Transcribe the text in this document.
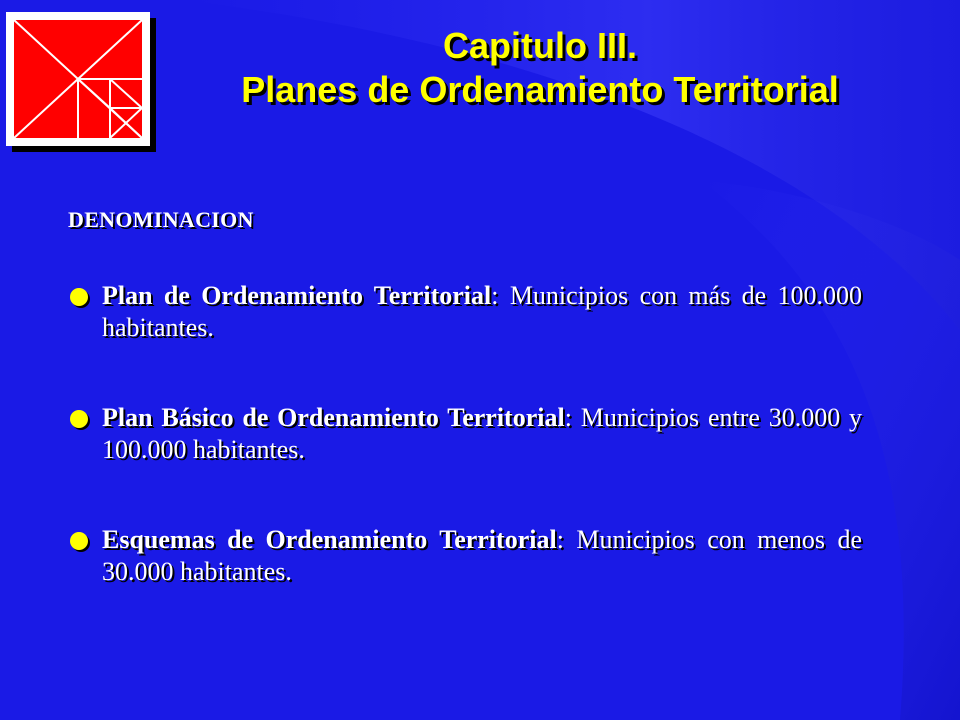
Capitulo III.
Planes de Ordenamiento Territorial
DENOMINACION
Plan de Ordenamiento Territorial: Municipios con más de 100.000 habitantes.
Plan Básico de Ordenamiento Territorial: Municipios entre 30.000 y 100.000 habitantes.
Esquemas de Ordenamiento Territorial: Municipios con menos de 30.000 habitantes.
